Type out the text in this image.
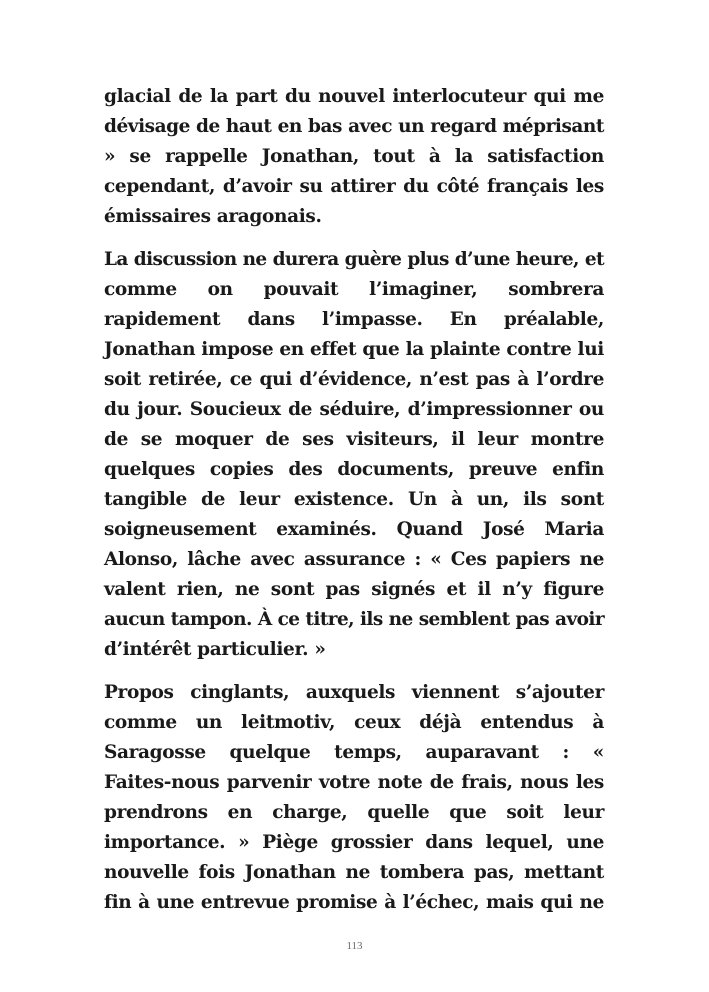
glacial de la part du nouvel interlocuteur qui me
dévisage de haut en bas avec un regard méprisant
» se rappelle Jonathan, tout à la satisfaction
cependant, d’avoir su attirer du côté français les
émissaires aragonais.
La discussion ne durera guère plus d’une heure, et
comme on pouvait l’imaginer, sombrera
rapidement dans l’impasse. En préalable,
Jonathan impose en effet que la plainte contre lui
soit retirée, ce qui d’évidence, n’est pas à l’ordre
du jour. Soucieux de séduire, d’impressionner ou
de se moquer de ses visiteurs, il leur montre
quelques copies des documents, preuve enfin
tangible de leur existence. Un à un, ils sont
soigneusement examinés. Quand José Maria
Alonso, lâche avec assurance : « Ces papiers ne
valent rien, ne sont pas signés et il n’y figure
aucun tampon. À ce titre, ils ne semblent pas avoir
d’intérêt particulier. »
Propos cinglants, auxquels viennent s’ajouter
comme un leitmotiv, ceux déjà entendus à
Saragosse quelque temps, auparavant : «
Faites-nous parvenir votre note de frais, nous les
prendrons en charge, quelle que soit leur
importance. » Piège grossier dans lequel, une
nouvelle fois Jonathan ne tombera pas, mettant
fin à une entrevue promise à l’échec, mais qui ne
113
